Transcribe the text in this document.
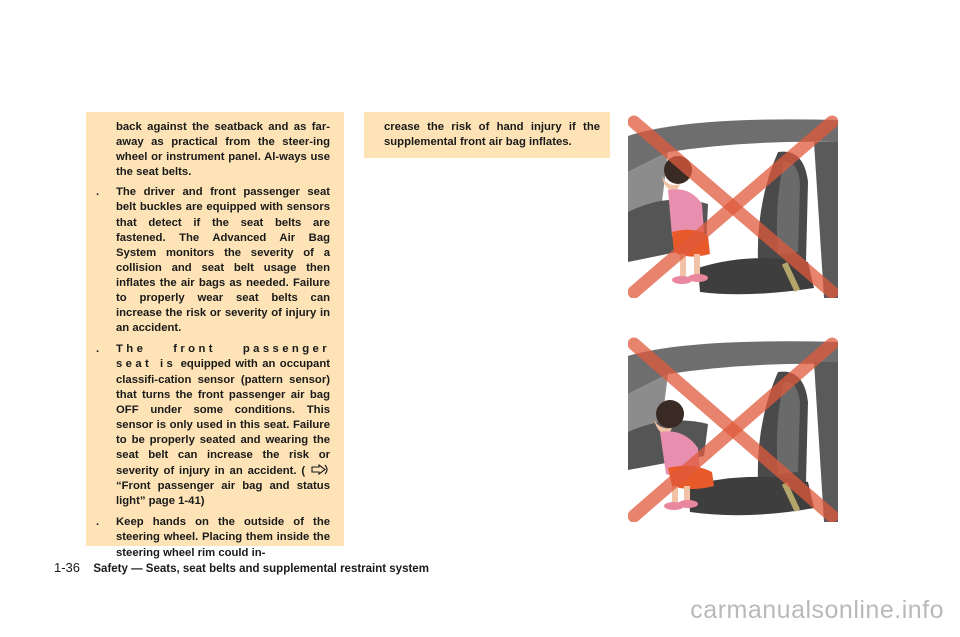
back against the seatback and as far-away as practical from the steer-ing wheel or instrument panel. Al-ways use the seat belts.

.	The driver and front passenger seat belt buckles are equipped with sensors that detect if the seat belts are fastened. The Advanced Air Bag System monitors the severity of a collision and seat belt usage then inflates the air bags as needed. Failure to properly wear seat belts can increase the risk or severity of injury in an accident.
.	The front passenger seat is equipped with an occupant classifi-cation sensor (pattern sensor) that turns the front passenger air bag OFF under some conditions. This sensor is only used in this seat. Failure to be properly seated and wearing the seat belt can increase the risk or severity of injury in an accident. (  “Front passenger air bag and status light” page 1-41)
.	Keep hands on the outside of the steering wheel. Placing them inside the steering wheel rim could in-
crease the risk of hand injury if the supplemental front air bag inflates.
1-36 Safety — Seats, seat belts and supplemental restraint system
carmanualsonline.info
